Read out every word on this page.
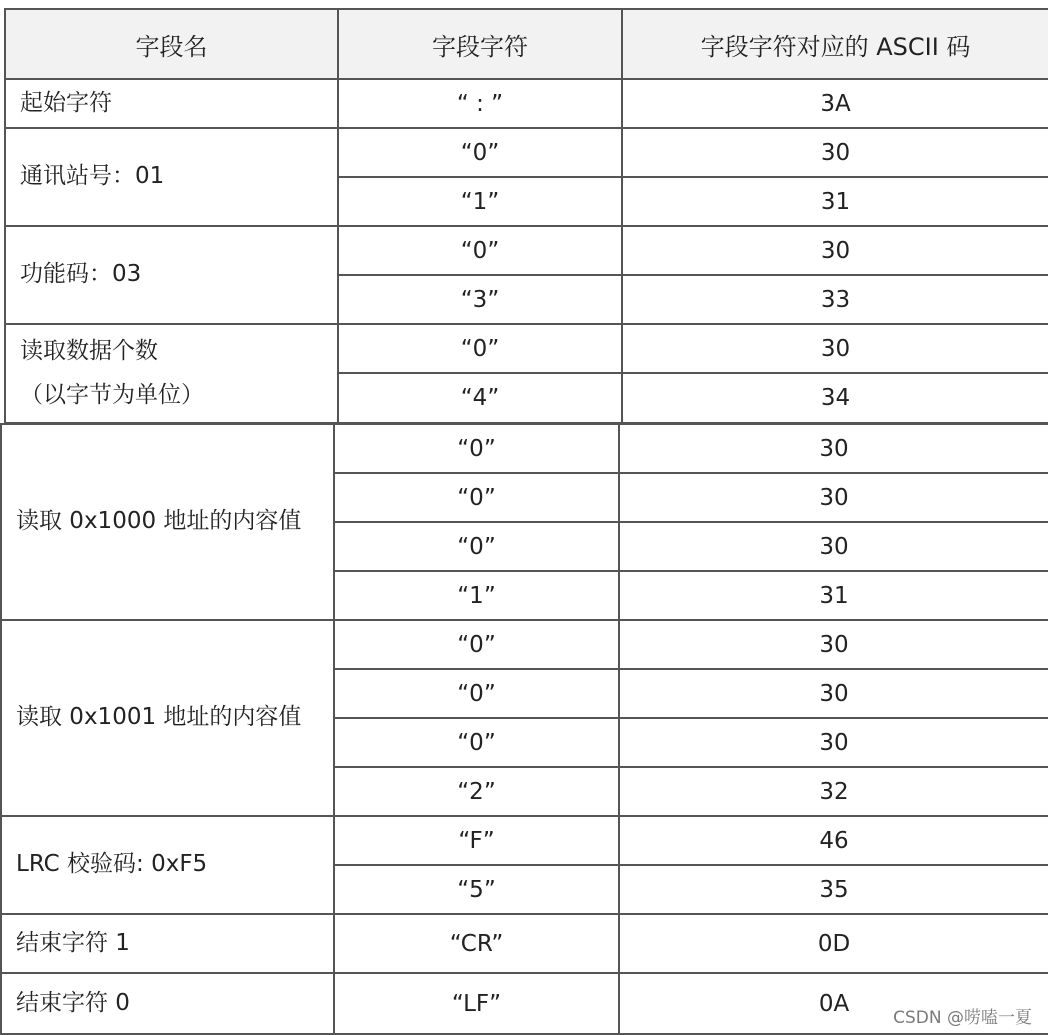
字段名	字段字符	字段字符对应的 ASCII 码
起始字符	“ : ”	3A
通讯站号：01	“0”	30
	“1”	31
功能码：03	“0”	30
	“3”	33

读取数据个数
（以字节为单位）	“0”	30
	“4”	34
读取 0x1000 地址的内容值	“0”	30
	“0”	30
	“0”	30
	“1”	31
读取 0x1001 地址的内容值	“0”	30
	“0”	30
	“0”	30
	“2”	32
LRC 校验码: 0xF5	“F”	46
	“5”	35
结束字符 1	“CR”	0D
结束字符 0	“LF”	0A
CSDN @唠嗑一夏
